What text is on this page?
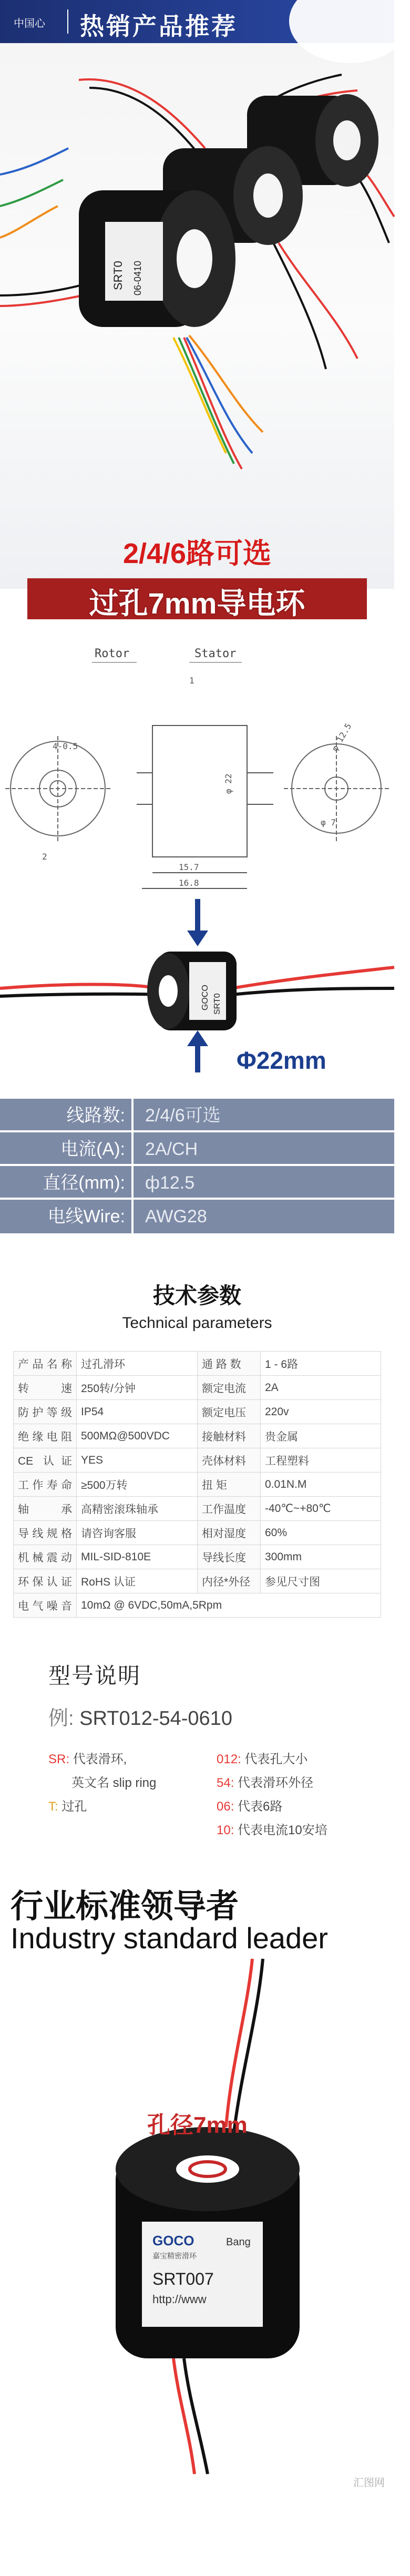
中国心 热销产品推荐
SRT0 06-0410
2/4/6路可选
过孔7mm导电环
Rotor	Stator
15.7
16.8
1
4-0.5
2
φ 22
φ 12.5
φ 7
GOCO SRT0
Φ22mm
线路数:	2/4/6可选
电流(A):	2A/CH
直径(mm):	ф12.5
电线Wire:	AWG28
技术参数
Technical parameters
产品名称	过孔滑环	通 路 数	1 - 6路
转速	250转/分钟	额定电流	2A
防护等级	IP54	额定电压	220v
绝缘电阻	500MΩ@500VDC	接触材料	贵金属
CE 认证	YES	壳体材料	工程塑料
工作寿命	≥500万转	扭 矩	0.01N.M
轴承	高精密滚珠轴承	工作温度	-40℃~+80℃
导线规格	请咨询客服	相对湿度	60%
机械震动	MIL-SID-810E	导线长度	300mm
环保认证	RoHS 认证	内径*外径	参见尺寸图
电气噪音	10mΩ @ 6VDC,50mA,5Rpm		
型号说明
例: SRT012-54-0610
SR: 代表滑环,	012: 代表孔大小
英文名 slip ring	54: 代表滑环外径
T: 过孔	06: 代表6路
10: 代表电流10安培
行业标准领导者
Industry standard leader
GOCO
嘉宝精密滑环
SRT007
http://www
Bang
孔径7mm
汇图网
